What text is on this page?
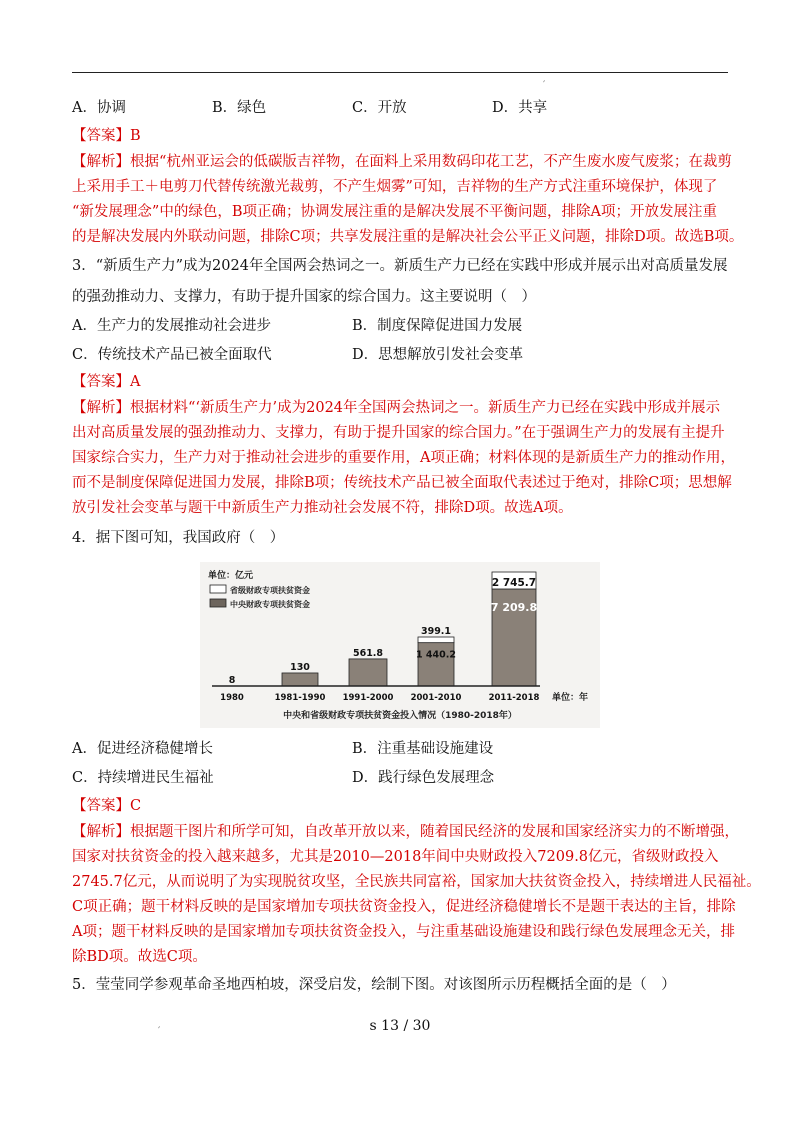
′
A．协调	B．绿色	C．开放	D．共享
【答案】B
【解析】根据“杭州亚运会的低碳版吉祥物，在面料上采用数码印花工艺，不产生废水废气废浆；在裁剪
上采用手工＋电剪刀代替传统激光裁剪，不产生烟雾”可知，吉祥物的生产方式注重环境保护，体现了
“新发展理念”中的绿色，B项正确；协调发展注重的是解决发展不平衡问题，排除A项；开放发展注重
的是解决发展内外联动问题，排除C项；共享发展注重的是解决社会公平正义问题，排除D项。故选B项。
3．“新质生产力”成为2024年全国两会热词之一。新质生产力已经在实践中形成并展示出对高质量发展
的强劲推动力、支撑力，有助于提升国家的综合国力。这主要说明（　）
A．生产力的发展推动社会进步	B．制度保障促进国力发展
C．传统技术产品已被全面取代	D．思想解放引发社会变革
【答案】A
【解析】根据材料“‘新质生产力’成为2024年全国两会热词之一。新质生产力已经在实践中形成并展示
出对高质量发展的强劲推动力、支撑力，有助于提升国家的综合国力。”在于强调生产力的发展有主提升
国家综合实力，生产力对于推动社会进步的重要作用，A项正确；材料体现的是新质生产力的推动作用，
而不是制度保障促进国力发展，排除B项；传统技术产品已被全面取代表述过于绝对，排除C项；思想解
放引发社会变革与题干中新质生产力推动社会发展不符，排除D项。故选A项。
4．据下图可知，我国政府（　）
单位：亿元
省级财政专项扶贫资金
中央财政专项扶贫资金
8
130
561.8	1 440.2
399.1
7 209.8
2 745.7
1980	1981-1990 1991-2000 2001-2010	2011-2018 单位：年
中央和省级财政专项扶贫资金投入情况（1980-2018年）
A．促进经济稳健增长	B．注重基础设施建设
C．持续增进民生福祉	D．践行绿色发展理念
【答案】C
【解析】根据题干图片和所学可知，自改革开放以来，随着国民经济的发展和国家经济实力的不断增强，
国家对扶贫资金的投入越来越多，尤其是2010—2018年间中央财政投入7209.8亿元，省级财政投入
2745.7亿元，从而说明了为实现脱贫攻坚，全民族共同富裕，国家加大扶贫资金投入，持续增进人民福祉。
C项正确；题干材料反映的是国家增加专项扶贫资金投入，促进经济稳健增长不是题干表达的主旨，排除
A项；题干材料反映的是国家增加专项扶贫资金投入，与注重基础设施建设和践行绿色发展理念无关，排
除BD项。故选C项。
5．莹莹同学参观革命圣地西柏坡，深受启发，绘制下图。对该图所示历程概括全面的是（　）
′	s 13 / 30
